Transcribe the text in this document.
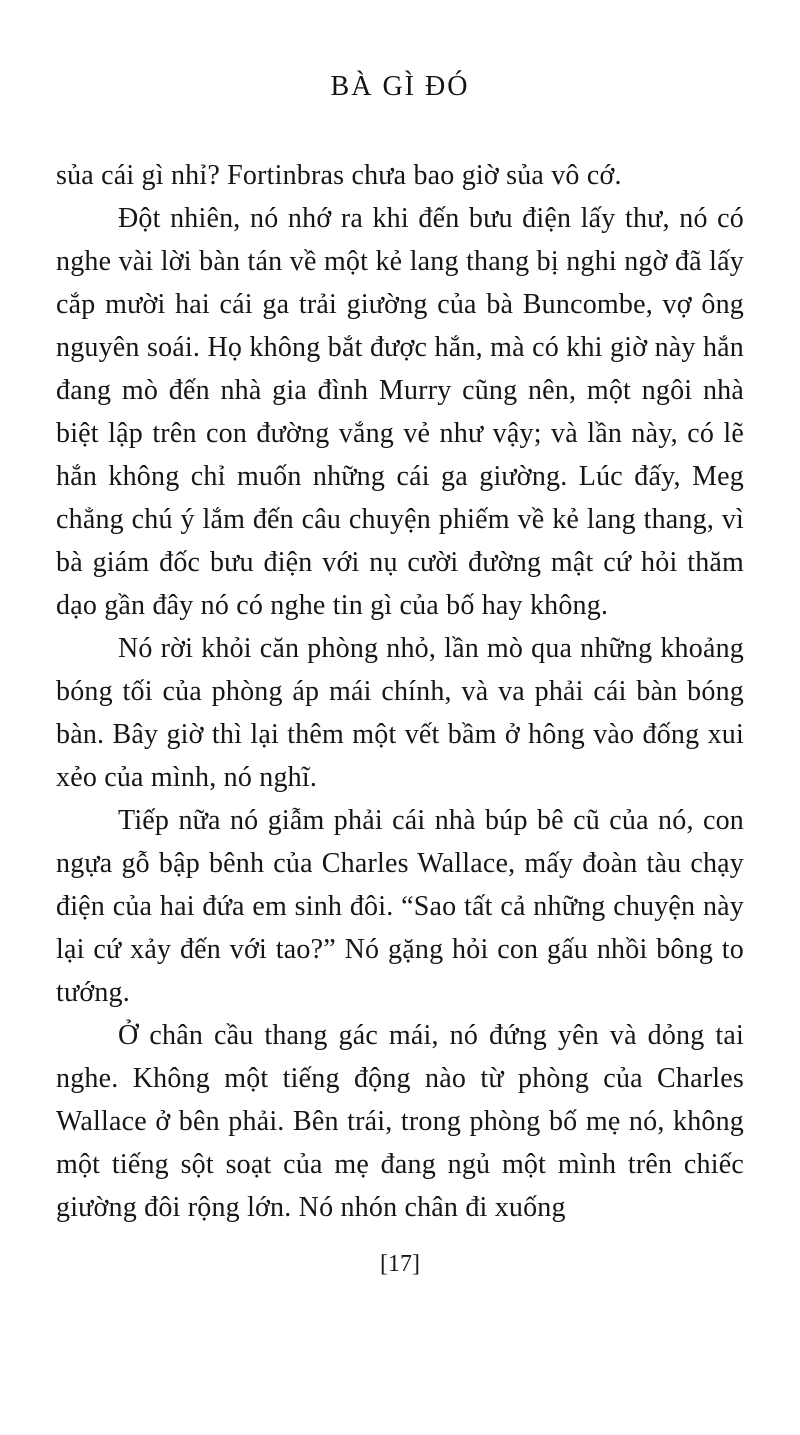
BÀ GÌ ĐÓ

sủa cái gì nhỉ? Fortinbras chưa bao giờ sủa vô cớ.

Đột nhiên, nó nhớ ra khi đến bưu điện lấy thư, nó có nghe vài lời bàn tán về một kẻ lang thang bị nghi ngờ đã lấy cắp mười hai cái ga trải giường của bà Buncombe, vợ ông nguyên soái. Họ không bắt được hắn, mà có khi giờ này hắn đang mò đến nhà gia đình Murry cũng nên, một ngôi nhà biệt lập trên con đường vắng vẻ như vậy; và lần này, có lẽ hắn không chỉ muốn những cái ga giường. Lúc đấy, Meg chẳng chú ý lắm đến câu chuyện phiếm về kẻ lang thang, vì bà giám đốc bưu điện với nụ cười đường mật cứ hỏi thăm dạo gần đây nó có nghe tin gì của bố hay không.

Nó rời khỏi căn phòng nhỏ, lần mò qua những khoảng bóng tối của phòng áp mái chính, và va phải cái bàn bóng bàn. Bây giờ thì lại thêm một vết bầm ở hông vào đống xui xẻo của mình, nó nghĩ.

Tiếp nữa nó giẫm phải cái nhà búp bê cũ của nó, con ngựa gỗ bập bênh của Charles Wallace, mấy đoàn tàu chạy điện của hai đứa em sinh đôi. “Sao tất cả những chuyện này lại cứ xảy đến với tao?” Nó gặng hỏi con gấu nhồi bông to tướng.

Ở chân cầu thang gác mái, nó đứng yên và dỏng tai nghe. Không một tiếng động nào từ phòng của Charles Wallace ở bên phải. Bên trái, trong phòng bố mẹ nó, không một tiếng sột soạt của mẹ đang ngủ một mình trên chiếc giường đôi rộng lớn. Nó nhón chân đi xuống

[17]
